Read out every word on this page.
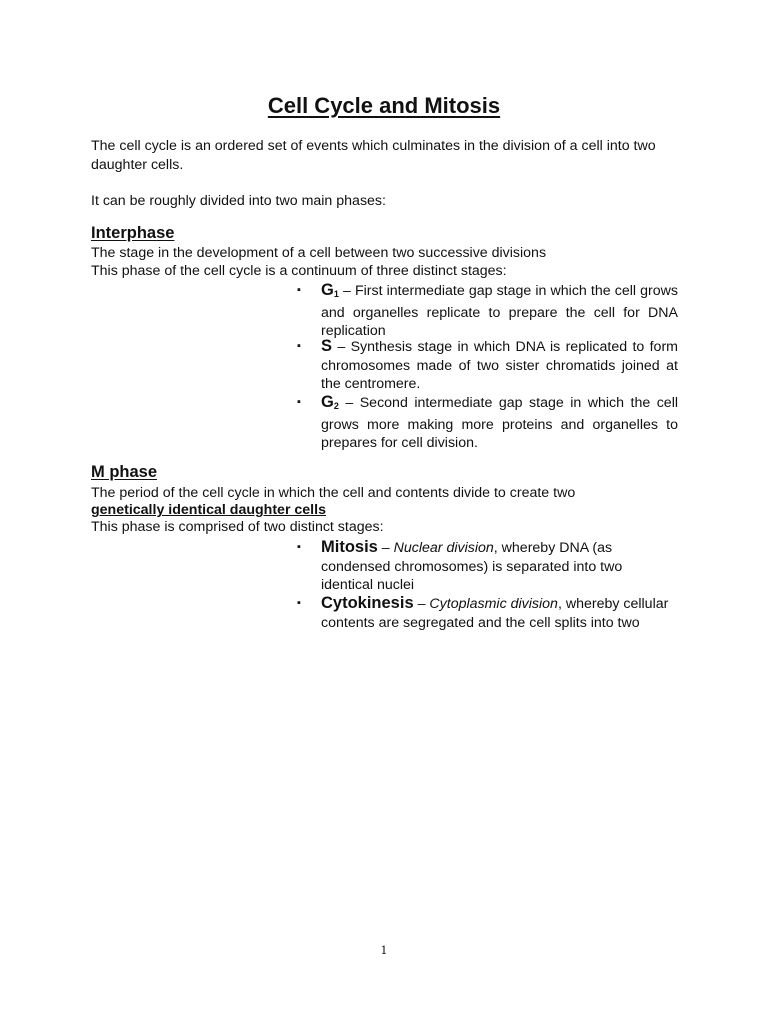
Cell Cycle and Mitosis
The cell cycle is an ordered set of events which culminates in the division of a cell into two daughter cells.
It can be roughly divided into two main phases:
Interphase
The stage in the development of a cell between two successive divisions
This phase of the cell cycle is a continuum of three distinct stages:
▪ $G_1$ – First intermediate gap stage in which the cell grows and organelles replicate to prepare the cell for DNA replication
▪ S – Synthesis stage in which DNA is replicated to form chromosomes made of two sister chromatids joined at the centromere.
▪ $G_2$ – Second intermediate gap stage in which the cell grows more making more proteins and organelles to prepares for cell division.
M phase
The period of the cell cycle in which the cell and contents divide to create two
genetically identical daughter cells
This phase is comprised of two distinct stages:
▪ Mitosis – Nuclear division, whereby DNA (as condensed chromosomes) is separated into two identical nuclei
▪ Cytokinesis – Cytoplasmic division, whereby cellular contents are segregated and the cell splits into two
1
